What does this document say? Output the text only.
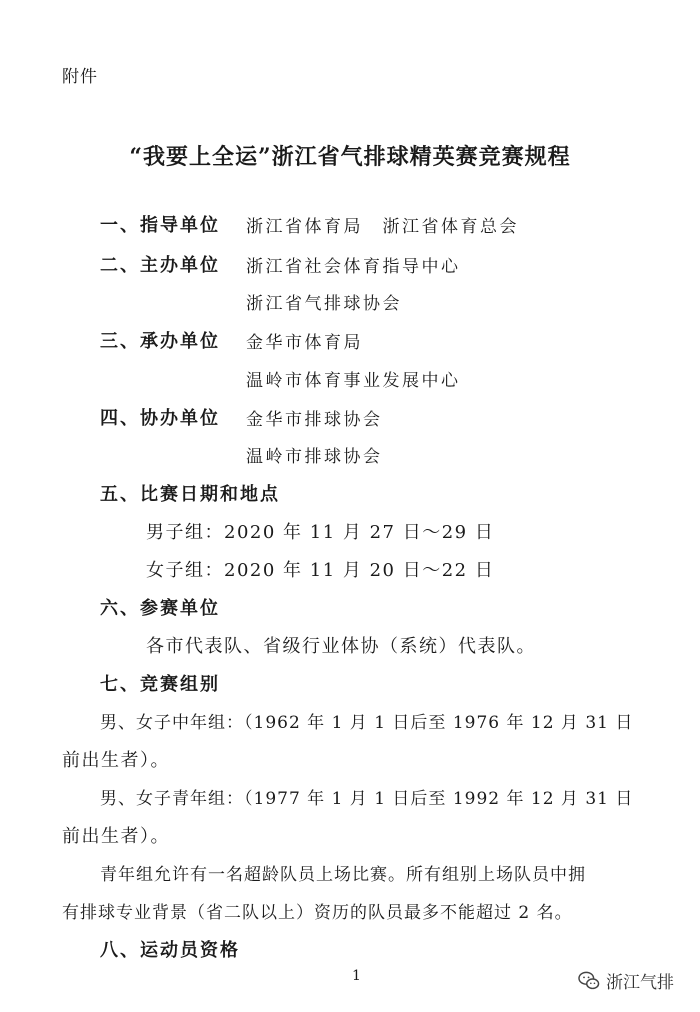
附件
“我要上全运”浙江省气排球精英赛竞赛规程
一、指导单位 浙江省体育局　浙江省体育总会
二、主办单位 浙江省社会体育指导中心
浙江省气排球协会
三、承办单位 金华市体育局
温岭市体育事业发展中心
四、协办单位 金华市排球协会
温岭市排球协会
五、比赛日期和地点
男子组：2020 年 11 月 27 日～29 日
女子组：2020 年 11 月 20 日～22 日
六、参赛单位
各市代表队、省级行业体协（系统）代表队。
七、竞赛组别
男、女子中年组：（1962 年 1 月 1 日后至 1976 年 12 月 31 日
前出生者）。
男、女子青年组：（1977 年 1 月 1 日后至 1992 年 12 月 31 日
前出生者）。
青年组允许有一名超龄队员上场比赛。所有组别上场队员中拥
有排球专业背景（省二队以上）资历的队员最多不能超过 2 名。
八、运动员资格
1	浙江气排
